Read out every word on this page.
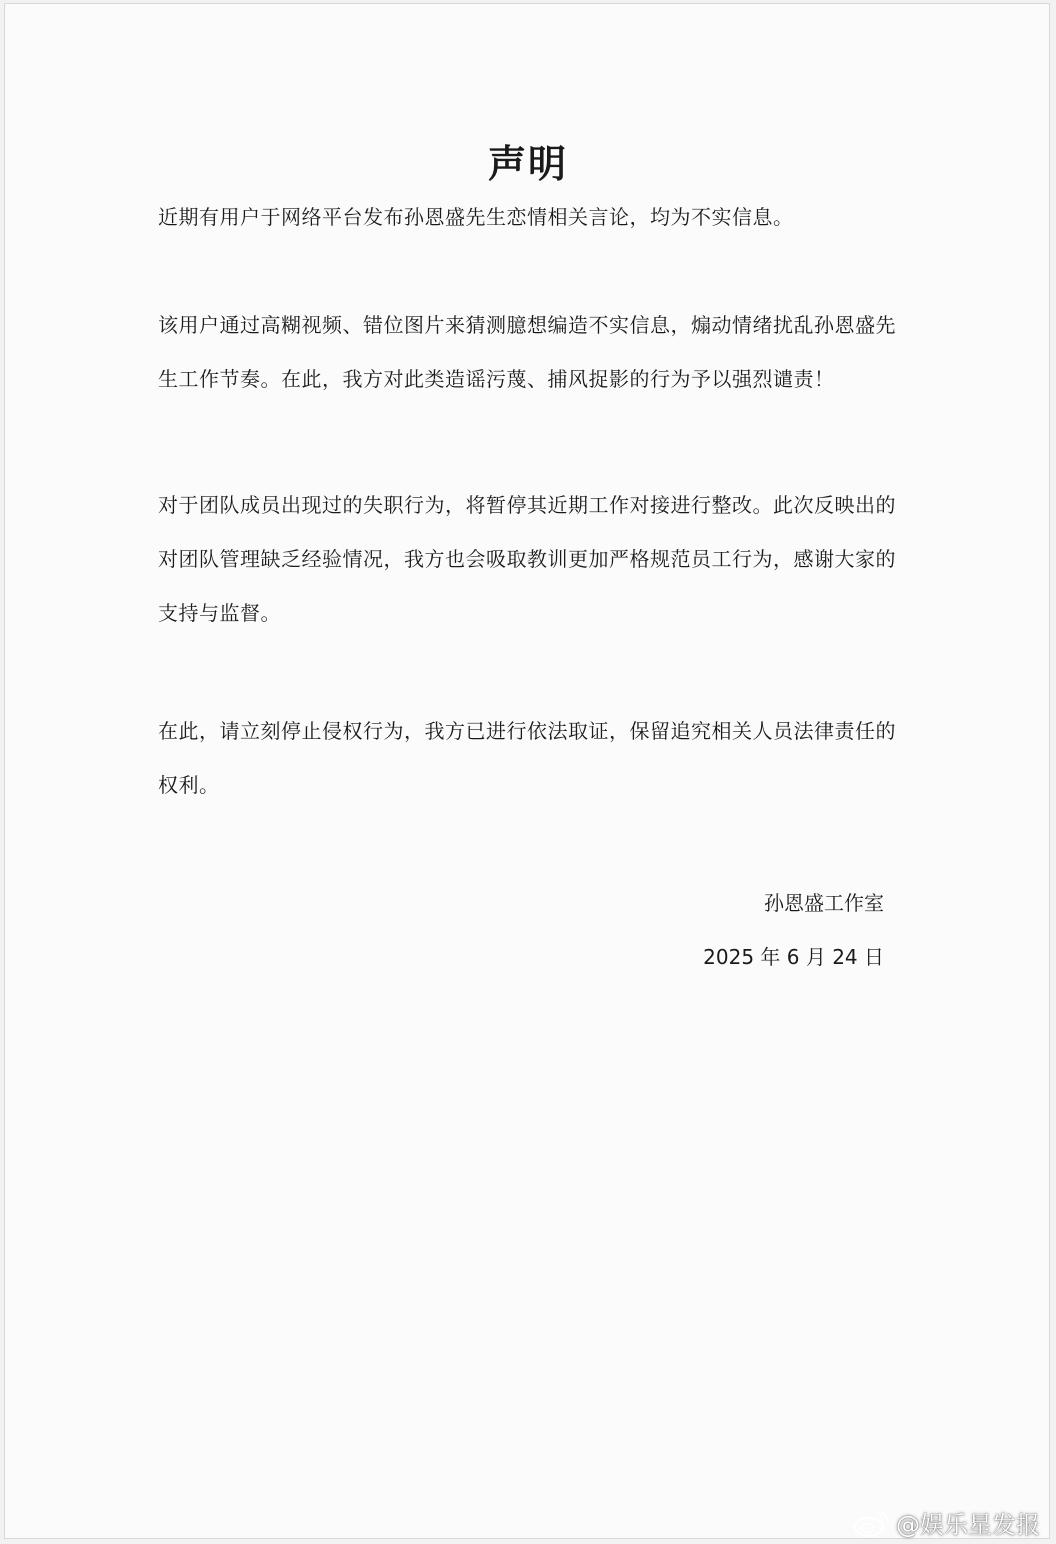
声明

近期有用户于网络平台发布孙恩盛先生恋情相关言论，均为不实信息。

该用户通过高糊视频、错位图片来猜测臆想编造不实信息，煽动情绪扰乱孙恩盛先生工作节奏。在此，我方对此类造谣污蔑、捕风捉影的行为予以强烈谴责！

对于团队成员出现过的失职行为，将暂停其近期工作对接进行整改。此次反映出的对团队管理缺乏经验情况，我方也会吸取教训更加严格规范员工行为，感谢大家的支持与监督。

在此，请立刻停止侵权行为，我方已进行依法取证，保留追究相关人员法律责任的权利。

孙恩盛工作室
2025 年 6 月 24 日
@娱乐星发报
